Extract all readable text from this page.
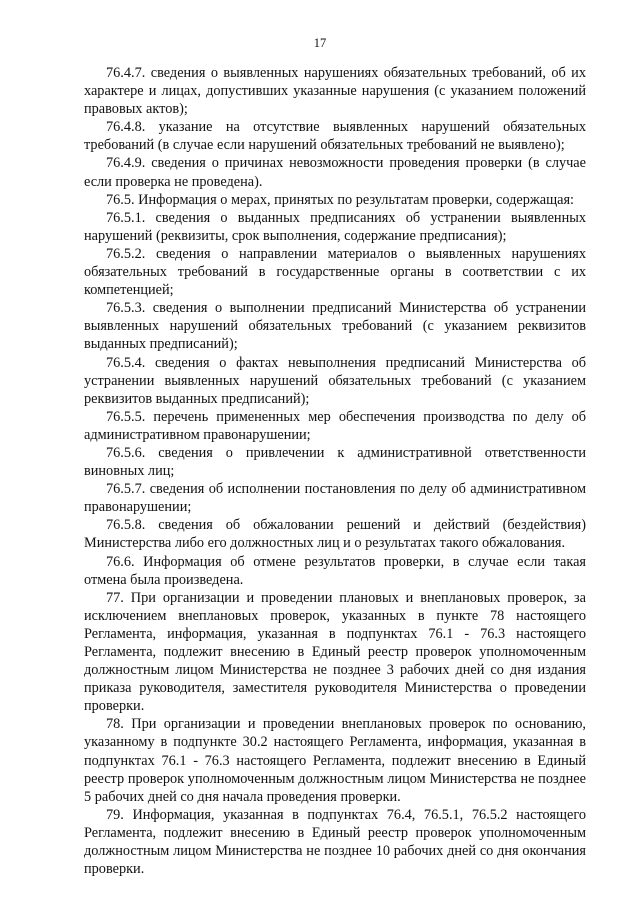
17

76.4.7. сведения о выявленных нарушениях обязательных требований, об их характере и лицах, допустивших указанные нарушения (с указанием положений правовых актов);

76.4.8. указание на отсутствие выявленных нарушений обязательных требований (в случае если нарушений обязательных требований не выявлено);

76.4.9. сведения о причинах невозможности проведения проверки (в случае если проверка не проведена).

76.5. Информация о мерах, принятых по результатам проверки, содержащая:

76.5.1. сведения о выданных предписаниях об устранении выявленных нарушений (реквизиты, срок выполнения, содержание предписания);

76.5.2. сведения о направлении материалов о выявленных нарушениях обязательных требований в государственные органы в соответствии с их компетенцией;

76.5.3. сведения о выполнении предписаний Министерства об устранении выявленных нарушений обязательных требований (с указанием реквизитов выданных предписаний);

76.5.4. сведения о фактах невыполнения предписаний Министерства об устранении выявленных нарушений обязательных требований (с указанием реквизитов выданных предписаний);

76.5.5. перечень примененных мер обеспечения производства по делу об административном правонарушении;

76.5.6. сведения о привлечении к административной ответственности виновных лиц;

76.5.7. сведения об исполнении постановления по делу об административном правонарушении;

76.5.8. сведения об обжаловании решений и действий (бездействия) Министерства либо его должностных лиц и о результатах такого обжалования.

76.6. Информация об отмене результатов проверки, в случае если такая отмена была произведена.

77. При организации и проведении плановых и внеплановых проверок, за исключением внеплановых проверок, указанных в пункте 78 настоящего Регламента, информация, указанная в подпунктах 76.1 - 76.3 настоящего Регламента, подлежит внесению в Единый реестр проверок уполномоченным должностным лицом Министерства не позднее 3 рабочих дней со дня издания приказа руководителя, заместителя руководителя Министерства о проведении проверки.

78. При организации и проведении внеплановых проверок по основанию, указанному в подпункте 30.2 настоящего Регламента, информация, указанная в подпунктах 76.1 - 76.3 настоящего Регламента, подлежит внесению в Единый реестр проверок уполномоченным должностным лицом Министерства не позднее 5 рабочих дней со дня начала проведения проверки.

79. Информация, указанная в подпунктах 76.4, 76.5.1, 76.5.2 настоящего Регламента, подлежит внесению в Единый реестр проверок уполномоченным должностным лицом Министерства не позднее 10 рабочих дней со дня окончания проверки.
